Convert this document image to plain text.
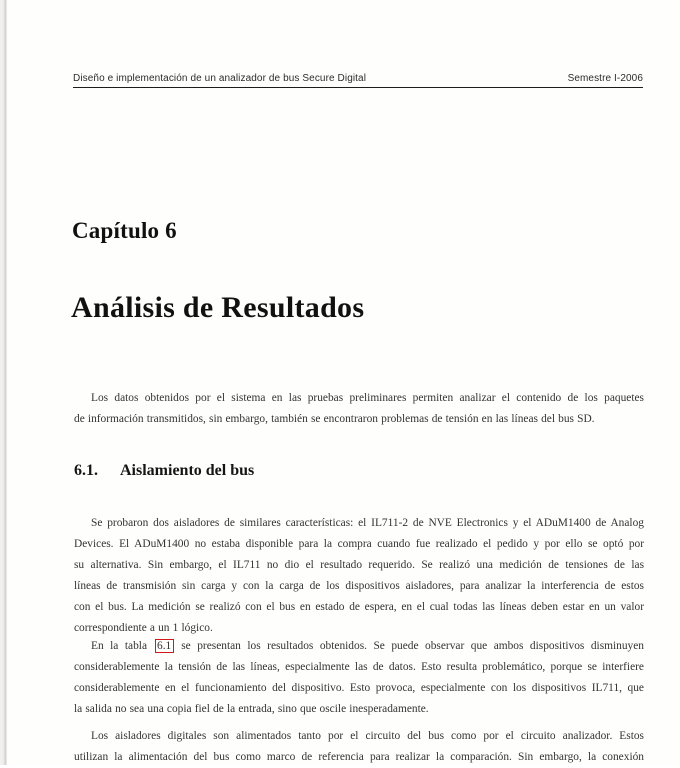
Diseño e implementación de un analizador de bus Secure Digital	Semestre I-2006
Capítulo 6
Análisis de Resultados
Los datos obtenidos por el sistema en las pruebas preliminares permiten analizar el contenido de los paquetes
de información transmitidos, sin embargo, también se encontraron problemas de tensión en las líneas del bus SD.
6.1. Aislamiento del bus
Se probaron dos aisladores de similares características: el IL711-2 de NVE Electronics y el ADuM1400 de Analog
Devices. El ADuM1400 no estaba disponible para la compra cuando fue realizado el pedido y por ello se optó por
su alternativa. Sin embargo, el IL711 no dio el resultado requerido. Se realizó una medición de tensiones de las
líneas de transmisión sin carga y con la carga de los dispositivos aisladores, para analizar la interferencia de estos
con el bus. La medición se realizó con el bus en estado de espera, en el cual todas las líneas deben estar en un valor
correspondiente a un 1 lógico.
En la tabla 6.1 se presentan los resultados obtenidos. Se puede observar que ambos dispositivos disminuyen
considerablemente la tensión de las líneas, especialmente las de datos. Esto resulta problemático, porque se interfiere
considerablemente en el funcionamiento del dispositivo. Esto provoca, especialmente con los dispositivos IL711, que
la salida no sea una copia fiel de la entrada, sino que oscile inesperadamente.
Los aisladores digitales son alimentados tanto por el circuito del bus como por el circuito analizador. Estos
utilizan la alimentación del bus como marco de referencia para realizar la comparación. Sin embargo, la conexión
